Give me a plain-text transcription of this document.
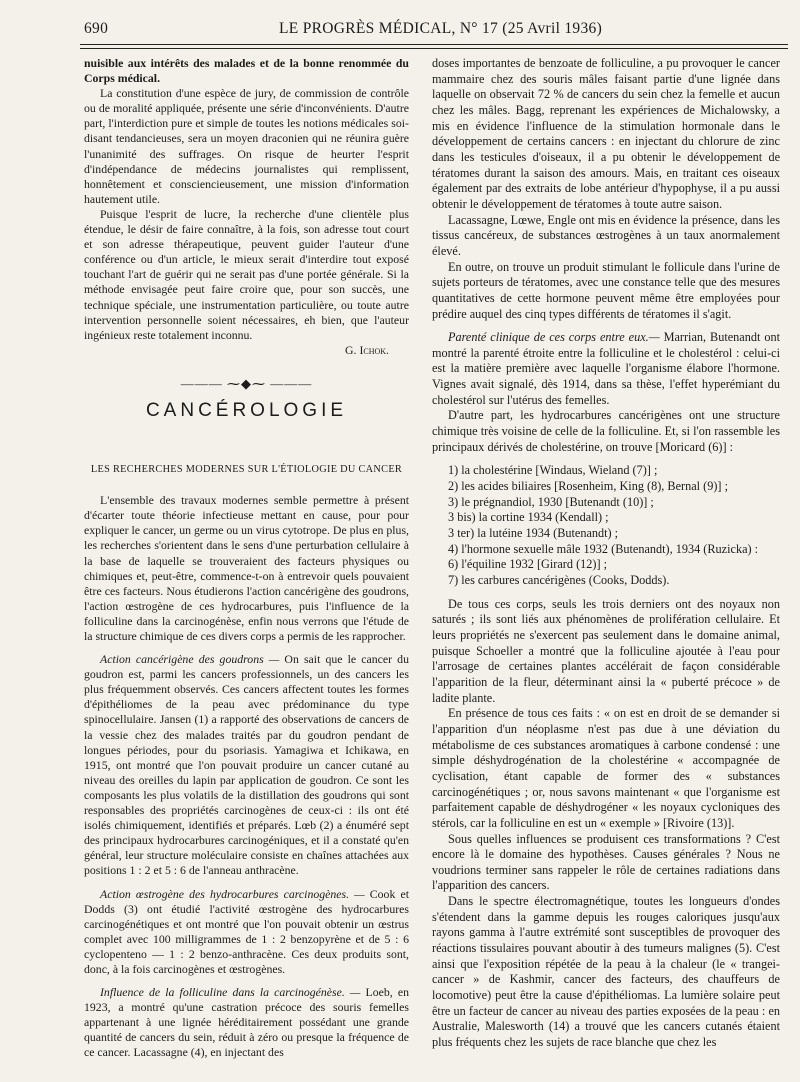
690	LE PROGRÈS MÉDICAL, N° 17 (25 Avril 1936)

nuisible aux intérêts des malades et de la bonne renommée du Corps médical.

La constitution d'une espèce de jury, de commission de contrôle ou de moralité appliquée, présente une série d'inconvénients. D'autre part, l'interdiction pure et simple de toutes les notions médicales soi-disant tendancieuses, sera un moyen draconien qui ne réunira guère l'unanimité des suffrages. On risque de heurter l'esprit d'indépendance de médecins journalistes qui remplissent, honnêtement et consciencieusement, une mission d'information hautement utile.

Puisque l'esprit de lucre, la recherche d'une clientèle plus étendue, le désir de faire connaître, à la fois, son adresse tout court et son adresse thérapeutique, peuvent guider l'auteur d'une conférence ou d'un article, le mieux serait d'interdire tout exposé touchant l'art de guérir qui ne serait pas d'une portée générale. Si la méthode envisagée peut faire croire que, pour son succès, une technique spéciale, une instrumentation particulière, ou toute autre intervention personnelle soient nécessaires, eh bien, que l'auteur ingénieux reste totalement inconnu.

G. Ichok.

——— ⁓◆⁓ ———
CANCÉROLOGIE
LES RECHERCHES MODERNES SUR L'ÉTIOLOGIE DU CANCER

L'ensemble des travaux modernes semble permettre à présent d'écarter toute théorie infectieuse mettant en cause, pour pour expliquer le cancer, un germe ou un virus cytotrope. De plus en plus, les recherches s'orientent dans le sens d'une perturbation cellulaire à la base de laquelle se trouveraient des facteurs physiques ou chimiques et, peut-être, commence-t-on à entrevoir quels pouvaient être ces facteurs. Nous étudierons l'action cancérigène des goudrons, l'action œstrogène de ces hydrocarbures, puis l'influence de la folliculine dans la carcinogénèse, enfin nous verrons que l'étude de la structure chimique de ces divers corps a permis de les rapprocher.

Action cancérigène des goudrons — On sait que le cancer du goudron est, parmi les cancers professionnels, un des cancers les plus fréquemment observés. Ces cancers affectent toutes les formes d'épithéliomes de la peau avec prédominance du type spinocellulaire. Jansen (1) a rapporté des observations de cancers de la vessie chez des malades traités par du goudron pendant de longues périodes, pour du psoriasis. Yamagiwa et Ichikawa, en 1915, ont montré que l'on pouvait produire un cancer cutané au niveau des oreilles du lapin par application de goudron. Ce sont les composants les plus volatils de la distillation des goudrons qui sont responsables des propriétés carcinogènes de ceux-ci : ils ont été isolés chimiquement, identifiés et préparés. Lœb (2) a énuméré sept des principaux hydrocarbures carcinogéniques, et il a constaté qu'en général, leur structure moléculaire consiste en chaînes attachées aux positions 1 : 2 et 5 : 6 de l'anneau anthracène.

Action œstrogène des hydrocarbures carcinogènes. — Cook et Dodds (3) ont étudié l'activité œstrogène des hydrocarbures carcinogénétiques et ont montré que l'on pouvait obtenir un œstrus complet avec 100 milligrammes de 1 : 2 benzopyrène et de 5 : 6 cyclopenteno — 1 : 2 benzo-anthracène. Ces deux produits sont, donc, à la fois carcinogènes et œstrogènes.

Influence de la folliculine dans la carcinogénèse. — Loeb, en 1923, a montré qu'une castration précoce des souris femelles appartenant à une lignée héréditairement possédant une grande quantité de cancers du sein, réduit à zéro ou presque la fréquence de ce cancer. Lacassagne (4), en injectant des

doses importantes de benzoate de folliculine, a pu provoquer le cancer mammaire chez des souris mâles faisant partie d'une lignée dans laquelle on observait 72 % de cancers du sein chez la femelle et aucun chez les mâles. Bagg, reprenant les expériences de Michalowsky, a mis en évidence l'influence de la stimulation hormonale dans le développement de certains cancers : en injectant du chlorure de zinc dans les testicules d'oiseaux, il a pu obtenir le développement de tératomes durant la saison des amours. Mais, en traitant ces oiseaux également par des extraits de lobe antérieur d'hypophyse, il a pu aussi obtenir le développement de tératomes à toute autre saison.

Lacassagne, Lœwe, Engle ont mis en évidence la présence, dans les tissus cancéreux, de substances œstrogènes à un taux anormalement élevé.

En outre, on trouve un produit stimulant le follicule dans l'urine de sujets porteurs de tératomes, avec une constance telle que des mesures quantitatives de cette hormone peuvent même être employées pour prédire auquel des cinq types différents de tératomes il s'agit.

Parenté clinique de ces corps entre eux.— Marrian, Butenandt ont montré la parenté étroite entre la folliculine et le cholestérol : celui-ci est la matière première avec laquelle l'organisme élabore l'hormone. Vignes avait signalé, dès 1914, dans sa thèse, l'effet hyperémiant du cholestérol sur l'utérus des femelles.

D'autre part, les hydrocarbures cancérigènes ont une structure chimique très voisine de celle de la folliculine. Et, si l'on rassemble les principaux dérivés de cholestérine, on trouve [Moricard (6)] :

1) la cholestérine [Windaus, Wieland (7)] ;

2) les acides biliaires [Rosenheim, King (8), Bernal (9)] ;

3) le prégnandiol, 1930 [Butenandt (10)] ;

3 bis) la cortine 1934 (Kendall) ;

3 ter) la lutéine 1934 (Butenandt) ;

4) l'hormone sexuelle mâle 1932 (Butenandt), 1934 (Ruzicka) :

6) l'équiline 1932 [Girard (12)] ;

7) les carbures cancérigènes (Cooks, Dodds).

De tous ces corps, seuls les trois derniers ont des noyaux non saturés ; ils sont liés aux phénomènes de prolifération cellulaire. Et leurs propriétés ne s'exercent pas seulement dans le domaine animal, puisque Schoeller a montré que la folliculine ajoutée à l'eau pour l'arrosage de certaines plantes accélérait de façon considérable l'apparition de la fleur, déterminant ainsi la « puberté précoce » de ladite plante.

En présence de tous ces faits : « on est en droit de se demander si l'apparition d'un néoplasme n'est pas due à une déviation du métabolisme de ces substances aromatiques à carbone condensé : une simple déshydrogénation de la cholestérine « accompagnée de cyclisation, étant capable de former des « substances carcinogénétiques ; or, nous savons maintenant « que l'organisme est parfaitement capable de déshydrogéner « les noyaux cycloniques des stérols, car la folliculine en est un « exemple » [Rivoire (13)].

Sous quelles influences se produisent ces transformations ? C'est encore là le domaine des hypothèses. Causes générales ? Nous ne voudrions terminer sans rappeler le rôle de certaines radiations dans l'apparition des cancers.

Dans le spectre électromagnétique, toutes les longueurs d'ondes s'étendent dans la gamme depuis les rouges caloriques jusqu'aux rayons gamma à l'autre extrémité sont susceptibles de provoquer des réactions tissulaires pouvant aboutir à des tumeurs malignes (5). C'est ainsi que l'exposition répétée de la peau à la chaleur (le « trangei-cancer » de Kashmir, cancer des facteurs, des chauffeurs de locomotive) peut être la cause d'épithéliomas. La lumière solaire peut être un facteur de cancer au niveau des parties exposées de la peau : en Australie, Malesworth (14) a trouvé que les cancers cutanés étaient plus fréquents chez les sujets de race blanche que chez les
